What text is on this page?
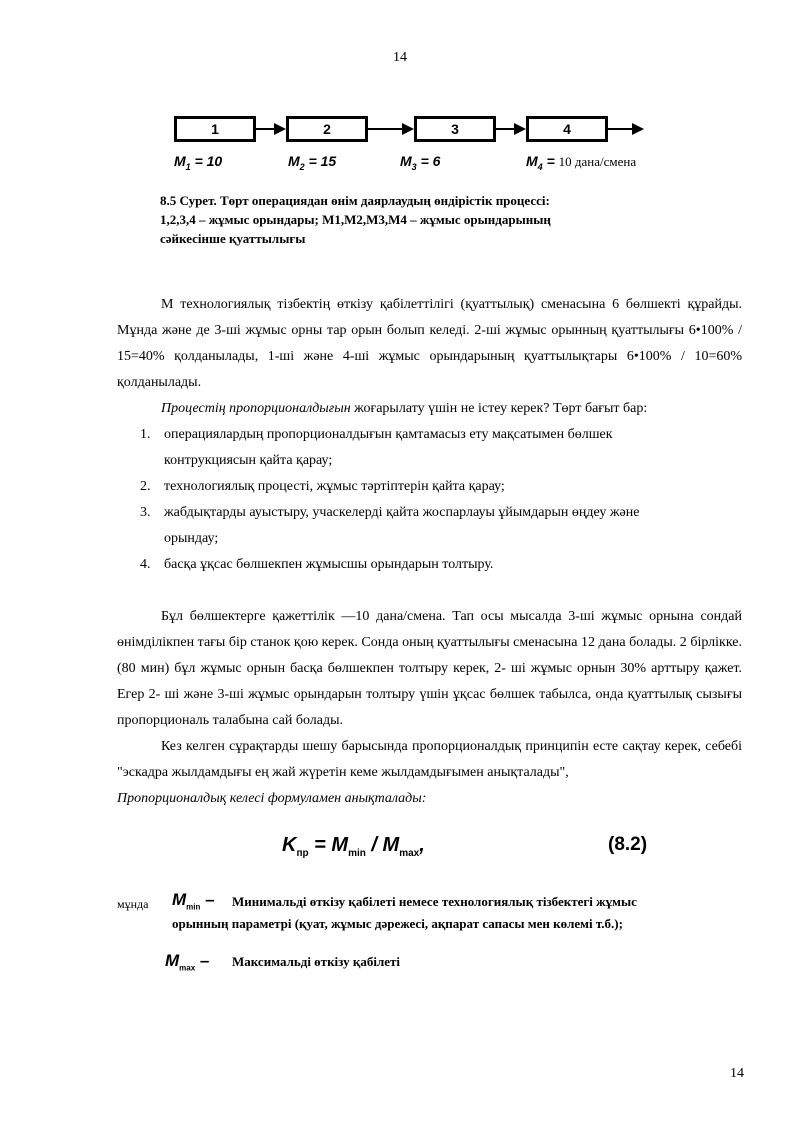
14
1	2	3	4
$M_1 = 10$	$M_2 = 15$	$M_3 = 6$	$M_4 = 10$ дана/смена
8.5 Сурет. Төрт операциядан өнім даярлаудың өндірістік процессі:
1,2,3,4 – жұмыс орындары; М1,М2,М3,М4 – жұмыс орындарының
сәйкесінше қуаттылығы

М технологиялық тізбектің өткізу қабілеттілігі (қуаттылық) сменасына 6 бөлшекті құрайды. Мұнда және де 3-ші жұмыс орны тар орын болып келеді. 2-ші жұмыс орынның қуаттылығы 6•100% / 15=40% қолданылады, 1-ші және 4-ші жұмыс орындарының қуаттылықтары 6•100% / 10=60% қолданылады.

Процестің пропорционалдығын жоғарылату үшін не істеу керек? Төрт бағыт бар:

1. операциялардың пропорционалдығын қамтамасыз ету мақсатымен бөлшек контрукциясын қайта қарау;

2. технологиялық процесті, жұмыс тәртіптерін қайта қарау;

3. жабдықтарды ауыстыру, учаскелерді қайта жоспарлауы ұйымдарын өңдеу және орындау;

4. басқа ұқсас бөлшекпен жұмысшы орындарын толтыру.

Бұл бөлшектерге қажеттілік —10 дана/смена. Тап осы мысалда 3-ші жұмыс орнына сондай өнімділікпен тағы бір станок қою керек. Сонда оның қуаттылығы сменасына 12 дана болады. 2 бірлікке.(80 мин) бұл жұмыс орнын басқа бөлшекпен толтыру керек, 2- ші жұмыс орнын 30% арттыру қажет. Егер 2- ші және 3-ші жұмыс орындарын толтыру үшін ұқсас бөлшек табылса, онда қуаттылық сызығы пропорциональ талабына сай болады.

Кез келген сұрақтарды шешу барысында пропорционалдық принципін есте сақтау керек, себебі "эскадра жылдамдығы ең жай жүретін кеме жылдамдығымен анықталады",

Пропорционалдық келесі формуламен анықталады:

$K_{пр} = M_{min} / M_{max}$,	(8.2)
мұнда $M_{min}$ – Минимальді өткізу қабілеті немесе технологиялық тізбектегі жұмыс
орынның параметрі (қуат, жұмыс дәрежесі, ақпарат сапасы мен көлемі т.б.);
$M_{max}$ – Максимальді өткізу қабілеті
14
